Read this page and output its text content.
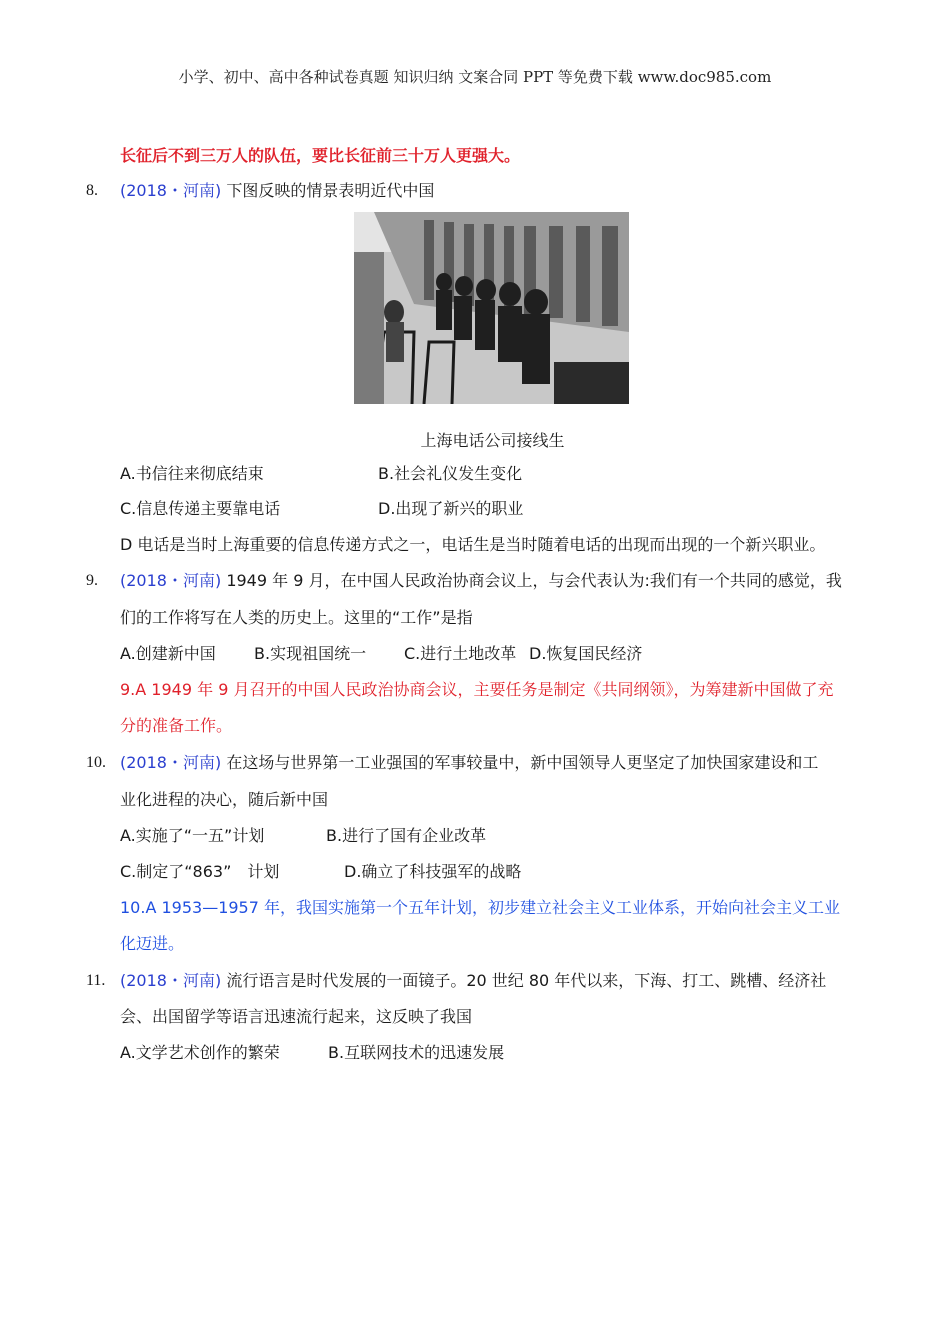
小学、初中、高中各种试卷真题 知识归纳 文案合同 PPT 等免费下载 www.doc985.com
长征后不到三万人的队伍，要比长征前三十万人更强大。
8. (2018・河南) 下图反映的情景表明近代中国
上海电话公司接线生
A.书信往来彻底结束	B.社会礼仪发生变化
C.信息传递主要靠电话	D.出现了新兴的职业
D 电话是当时上海重要的信息传递方式之一，电话生是当时随着电话的出现而出现的一个新兴职业。
9. (2018・河南) 1949 年 9 月，在中国人民政治协商会议上，与会代表认为:我们有一个共同的感觉，我
们的工作将写在人类的历史上。这里的“工作”是指
A.创建新中国 B.实现祖国统一 C.进行土地改革 D.恢复国民经济
9.A 1949 年 9 月召开的中国人民政治协商会议，主要任务是制定《共同纲领》，为筹建新中国做了充
分的准备工作。
10. (2018・河南) 在这场与世界第一工业强国的军事较量中，新中国领导人更坚定了加快国家建设和工
业化进程的决心，随后新中国
A.实施了“一五”计划	B.进行了国有企业改革
C.制定了“863”　计划	D.确立了科技强军的战略
10.A 1953—1957 年，我国实施第一个五年计划，初步建立社会主义工业体系，开始向社会主义工业
化迈进。
11. (2018・河南) 流行语言是时代发展的一面镜子。20 世纪 80 年代以来，下海、打工、跳槽、经济社
会、出国留学等语言迅速流行起来，这反映了我国
A.文学艺术创作的繁荣	B.互联网技术的迅速发展
